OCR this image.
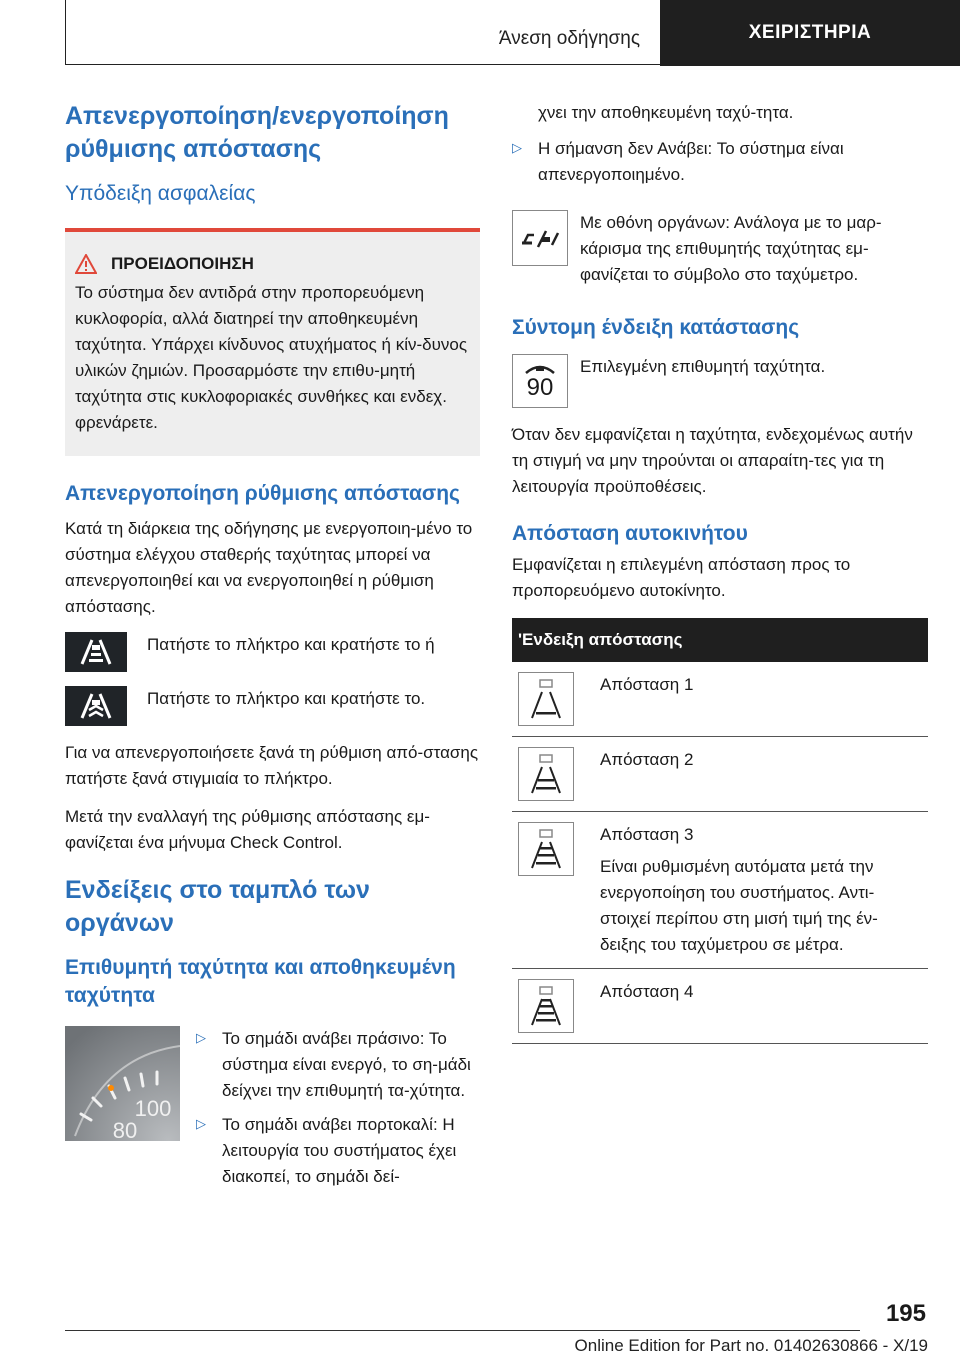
Άνεση οδήγησης	ΧΕΙΡΙΣΤΗΡΙΑ
Απενεργοποίηση/ενεργοποίηση ρύθμισης απόστασης
Υπόδειξη ασφαλείας
ΠΡΟΕΙΔΟΠΟΙΗΣΗ

Το σύστημα δεν αντιδρά στην προπορευόμενη κυκλοφορία, αλλά διατηρεί την αποθηκευμένη ταχύτητα. Υπάρχει κίνδυνος ατυχήματος ή κίν-δυνος υλικών ζημιών. Προσαρμόστε την επιθυ-μητή ταχύτητα στις κυκλοφοριακές συνθήκες και ενδεχ. φρενάρετε.

Απενεργοποίηση ρύθμισης απόστασης

Κατά τη διάρκεια της οδήγησης με ενεργοποιη-μένο το σύστημα ελέγχου σταθερής ταχύτητας μπορεί να απενεργοποιηθεί και να ενεργοποιηθεί η ρύθμιση απόστασης.

Πατήστε το πλήκτρο και κρατήστε το ή

Πατήστε το πλήκτρο και κρατήστε το.

Για να απενεργοποιήσετε ξανά τη ρύθμιση από-στασης πατήστε ξανά στιγμιαία το πλήκτρο.

Μετά την εναλλαγή της ρύθμισης απόστασης εμ-φανίζεται ένα μήνυμα Check Control.

Ενδείξεις στο ταμπλό των οργάνων
Επιθυμητή ταχύτητα και αποθηκευμένη ταχύτητα
100
80
▷ Το σημάδι ανάβει πράσινο: Το σύστημα είναι ενεργό, το ση-μάδι δείχνει την επιθυμητή τα-χύτητα.

▷ Το σημάδι ανάβει πορτοκαλί: Η λειτουργία του συστήματος έχει διακοπεί, το σημάδι δεί-

χνει την αποθηκευμένη ταχύ-τητα.

▷ Η σήμανση δεν Ανάβει: Το σύστημα είναι απενεργοποιημένο.

Με οθόνη οργάνων: Ανάλογα με το μαρ-κάρισμα της επιθυμητής ταχύτητας εμ-φανίζεται το σύμβολο στο ταχύμετρο.

Σύντομη ένδειξη κατάστασης
90

Επιλεγμένη επιθυμητή ταχύτητα.

Όταν δεν εμφανίζεται η ταχύτητα, ενδεχομένως αυτήν τη στιγμή να μην τηρούνται οι απαραίτη-τες για τη λειτουργία προϋποθέσεις.

Απόσταση αυτοκινήτου

Εμφανίζεται η επιλεγμένη απόσταση προς το προπορευόμενο αυτοκίνητο.

'Ενδειξη απόστασης	

	Απόσταση 1

	Απόσταση 2

Απόσταση 3
Είναι ρυθμισμένη αυτόματα μετά την ενεργοποίηση του συστήματος. Αντι-στοιχεί περίπου στη μισή τιμή της έν-δειξης του ταχύμετρου σε μέτρα.

	Απόσταση 4
195
Online Edition for Part no. 01402630866 - X/19
